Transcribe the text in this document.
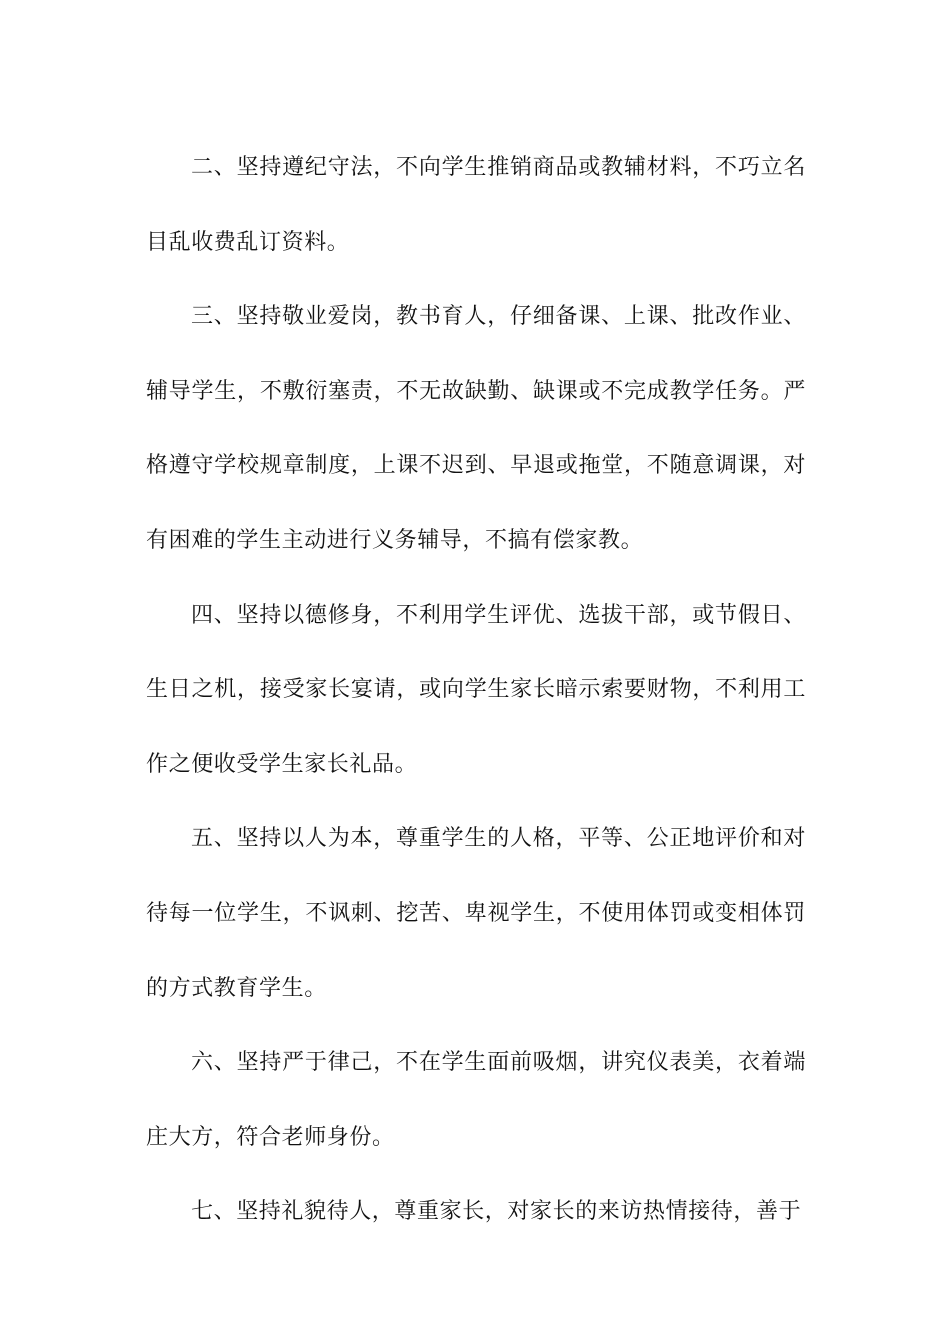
二、坚持遵纪守法，不向学生推销商品或教辅材料，不巧立名目乱收费乱订资料。

三、坚持敬业爱岗，教书育人，仔细备课、上课、批改作业、辅导学生，不敷衍塞责，不无故缺勤、缺课或不完成教学任务。严格遵守学校规章制度，上课不迟到、早退或拖堂，不随意调课，对有困难的学生主动进行义务辅导，不搞有偿家教。

四、坚持以德修身，不利用学生评优、选拔干部，或节假日、生日之机，接受家长宴请，或向学生家长暗示索要财物，不利用工作之便收受学生家长礼品。

五、坚持以人为本，尊重学生的人格，平等、公正地评价和对待每一位学生，不讽刺、挖苦、卑视学生，不使用体罚或变相体罚的方式教育学生。

六、坚持严于律己，不在学生面前吸烟，讲究仪表美，衣着端庄大方，符合老师身份。

七、坚持礼貌待人，尊重家长，对家长的来访热情接待，善于
